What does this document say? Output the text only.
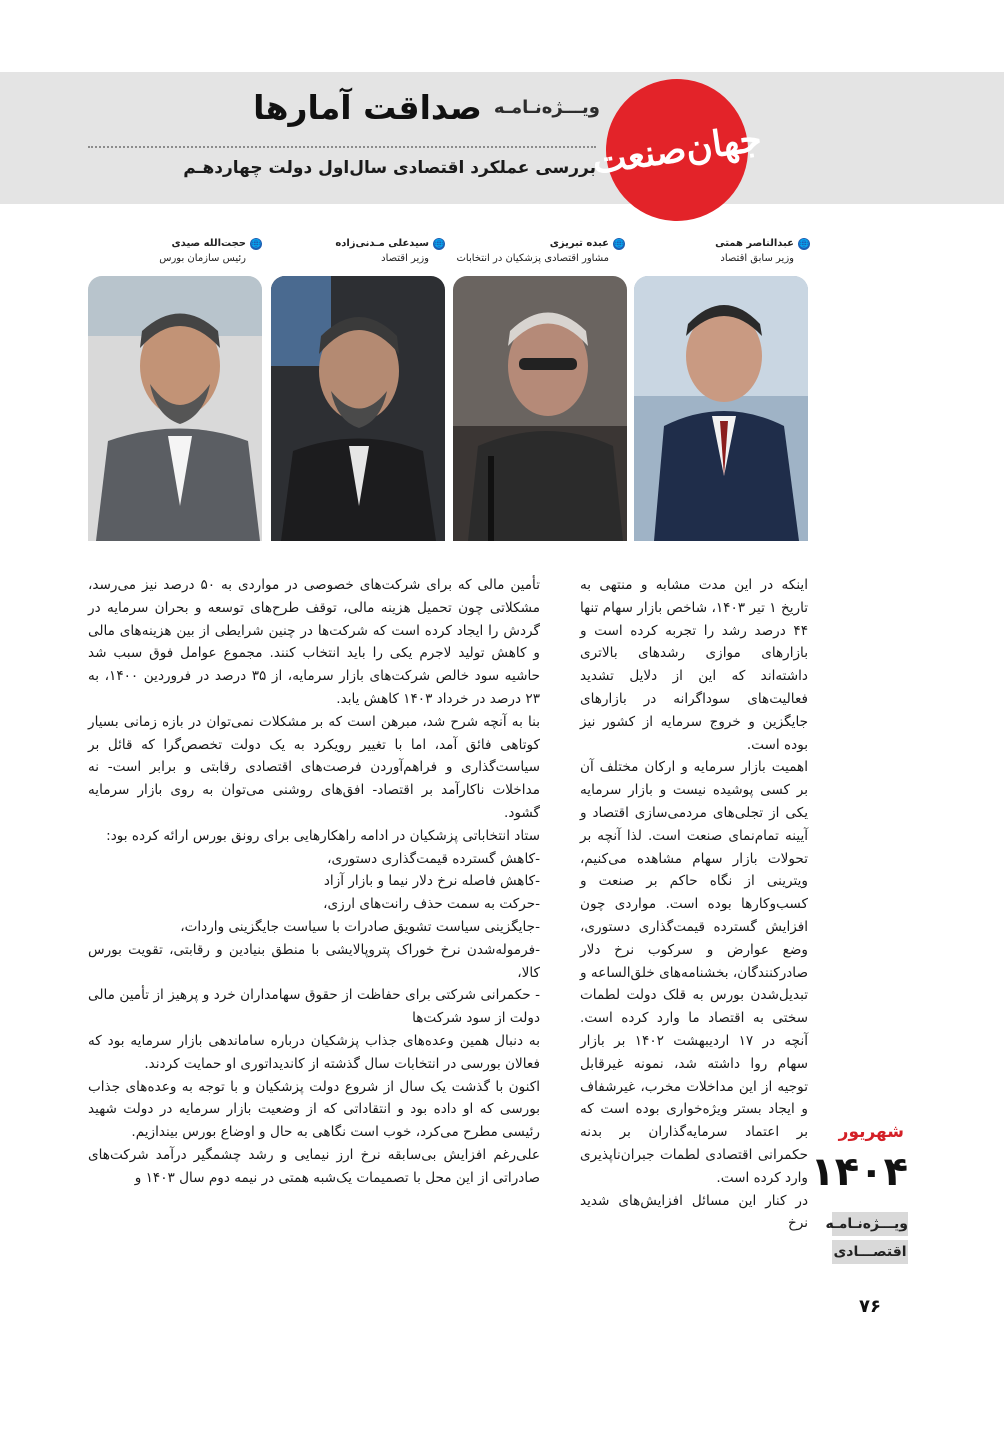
جهان‌صنعت
ویـــژه‌نـامـه
صداقت آمارها
بررسی عملکرد اقتصادی سال‌اول دولت چهاردهـم
🌐
عبدالناصر همتی
وزیر سابق اقتصاد
🌐
عبده تبریزی
مشاور اقتصادی پزشکیان در انتخابات
🌐
سیدعلی مـدنی‌زاده
وزیر اقتصاد
🌐
حجت‌الله صیدی
رئیس سازمان بورس

اینکه در این مدت مشابه و منتهی به تاریخ ۱ تیر ۱۴۰۳، شاخص بازار سهام تنها ۴۴ درصد رشد را تجربه کرده است و بازارهای موازی رشدهای بالاتری داشته‌اند که این از دلایل تشدید فعالیت‌های سوداگرانه در بازارهای جایگزین و خروج سرمایه از کشور نیز بوده است.

اهمیت بازار سرمایه و ارکان مختلف آن بر کسی پوشیده نیست و بازار سرمایه یکی از تجلی‌های مردمی‌سازی اقتصاد و آیینه تمام‌نمای صنعت است. لذا آنچه بر تحولات بازار سهام مشاهده می‌کنیم، ویترینی از نگاه حاکم بر صنعت و کسب‌وکارها بوده است. مواردی چون افزایش گسترده قیمت‌گذاری دستوری، وضع عوارض و سرکوب نرخ دلار صادرکنندگان، بخشنامه‌های خلق‌الساعه و تبدیل‌شدن بورس به قلک دولت لطمات سختی به اقتصاد ما وارد کرده است. آنچه در ۱۷ اردیبهشت ۱۴۰۲ بر بازار سهام روا داشته شد، نمونه غیرقابل توجیه از این مداخلات مخرب، غیرشفاف و ایجاد بستر ویژه‌خواری بوده است که بر اعتماد سرمایه‌گذاران بر بدنه حکمرانی اقتصادی لطمات جبران‌ناپذیری وارد کرده است.

در کنار این مسائل افزایش‌های شدید نرخ

تأمین مالی که برای شرکت‌های خصوصی در مواردی به ۵۰ درصد نیز می‌رسد، مشکلاتی چون تحمیل هزینه مالی، توقف طرح‌های توسعه و بحران سرمایه در گردش را ایجاد کرده است که شرکت‌ها در چنین شرایطی از بین هزینه‌های مالی و کاهش تولید لاجرم یکی را باید انتخاب کنند. مجموع عوامل فوق سبب شد حاشیه سود خالص شرکت‌های بازار سرمایه، از ۳۵ درصد در فروردین ۱۴۰۰، به ۲۳ درصد در خرداد ۱۴۰۳ کاهش یابد.

بنا به آنچه شرح شد، مبرهن است که بر مشکلات نمی‌توان در بازه زمانی بسیار کوتاهی فائق آمد، اما با تغییر رویکرد به یک دولت تخصص‌گرا که قائل بر سیاست‌گذاری و فراهم‌آوردن فرصت‌های اقتصادی رقابتی و برابر است- نه مداخلات ناکارآمد بر اقتصاد- افق‌های روشنی می‌توان به روی بازار سرمایه گشود.

ستاد انتخاباتی پزشکیان در ادامه راهکارهایی برای رونق بورس ارائه کرده بود:

-کاهش گسترده قیمت‌گذاری دستوری،

-کاهش فاصله نرخ دلار نیما و بازار آزاد

-حرکت به سمت حذف رانت‌های ارزی،

-جایگزینی سیاست تشویق صادرات با سیاست جایگزینی واردات،

-فرموله‌شدن نرخ خوراک پتروپالایشی با منطق بنیادین و رقابتی، تقویت بورس کالا،

- حکمرانی شرکتی برای حفاظت از حقوق سهامداران خرد و پرهیز از تأمین مالی دولت از سود شرکت‌ها

به دنبال همین وعده‌های جذاب پزشکیان درباره ساماندهی بازار سرمایه بود که فعالان بورسی در انتخابات سال گذشته از کاندیداتوری او حمایت کردند.

اکنون با گذشت یک سال از شروع دولت پزشکیان و با توجه به وعده‌های جذاب بورسی که او داده بود و انتقاداتی که از وضعیت بازار سرمایه در دولت شهید رئیسی مطرح می‌کرد، خوب است نگاهی به حال و اوضاع بورس بیندازیم.

علی‌رغم افزایش بی‌سابقه نرخ ارز نیمایی و رشد چشمگیر درآمد شرکت‌های صادراتی از این محل با تصمیمات یک‌شبه همتی در نیمه دوم سال ۱۴۰۳ و

شهریور
۱۴۰۴
ویـــژه‌نـامـه
اقتصـــادی
۷۶
